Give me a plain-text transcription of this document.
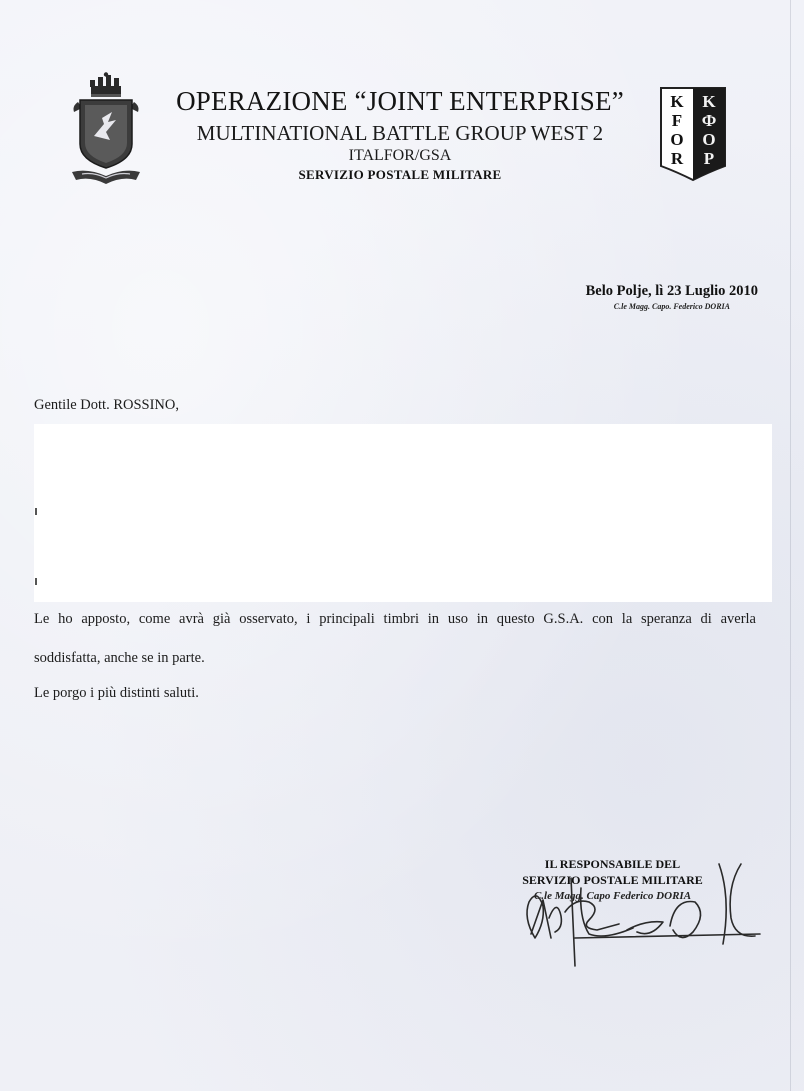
OPERAZIONE “JOINT ENTERPRISE”
MULTINATIONAL BATTLE GROUP WEST 2
ITALFOR/GSA
SERVIZIO POSTALE MILITARE
K
F
O
R
K
Ф
О
Р
Belo Polje, lì 23 Luglio 2010
C.le Magg. Capo. Federico DORIA
Gentile Dott. ROSSINO,
Le ho apposto, come avrà già osservato, i principali timbri in uso in questo G.S.A. con la speranza di averla
soddisfatta, anche se in parte.
Le porgo i più distinti saluti.
IL RESPONSABILE DEL
SERVIZIO POSTALE MILITARE
C.le Magg. Capo Federico DORIA
